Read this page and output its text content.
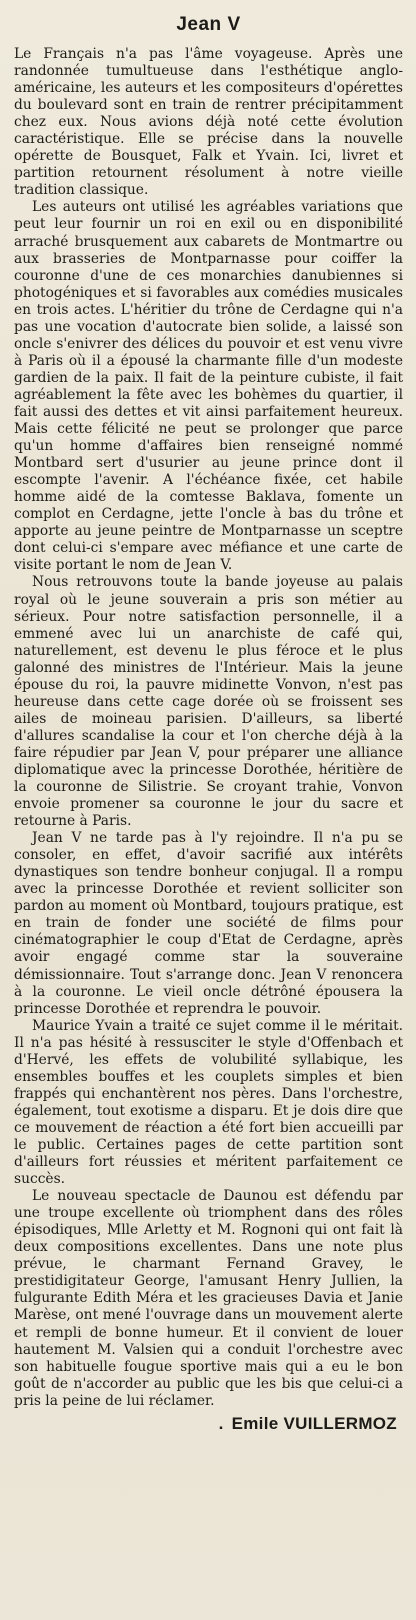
Jean V

Le Français n'a pas l'âme voyageuse. Après une randonnée tumultueuse dans l'esthétique anglo-américaine, les auteurs et les compositeurs d'opérettes du boulevard sont en train de rentrer précipitamment chez eux. Nous avions déjà noté cette évolution caractéristique. Elle se précise dans la nouvelle opérette de Bousquet, Falk et Yvain. Ici, livret et partition retournent résolument à notre vieille tradition classique.

Les auteurs ont utilisé les agréables variations que peut leur fournir un roi en exil ou en disponibilité arraché brusquement aux cabarets de Montmartre ou aux brasseries de Montparnasse pour coiffer la couronne d'une de ces monarchies danubiennes si photogéniques et si favorables aux comédies musicales en trois actes. L'héritier du trône de Cerdagne qui n'a pas une vocation d'autocrate bien solide, a laissé son oncle s'enivrer des délices du pouvoir et est venu vivre à Paris où il a épousé la charmante fille d'un modeste gardien de la paix. Il fait de la peinture cubiste, il fait agréablement la fête avec les bohèmes du quartier, il fait aussi des dettes et vit ainsi parfaitement heureux. Mais cette félicité ne peut se prolonger que parce qu'un homme d'affaires bien renseigné nommé Montbard sert d'usurier au jeune prince dont il escompte l'avenir. A l'échéance fixée, cet habile homme aidé de la comtesse Baklava, fomente un complot en Cerdagne, jette l'oncle à bas du trône et apporte au jeune peintre de Montparnasse un sceptre dont celui-ci s'empare avec méfiance et une carte de visite portant le nom de Jean V.

Nous retrouvons toute la bande joyeuse au palais royal où le jeune souverain a pris son métier au sérieux. Pour notre satisfaction personnelle, il a emmené avec lui un anarchiste de café qui, naturellement, est devenu le plus féroce et le plus galonné des ministres de l'Intérieur. Mais la jeune épouse du roi, la pauvre midinette Vonvon, n'est pas heureuse dans cette cage dorée où se froissent ses ailes de moineau parisien. D'ailleurs, sa liberté d'allures scandalise la cour et l'on cherche déjà à la faire répudier par Jean V, pour préparer une alliance diplomatique avec la princesse Dorothée, héritière de la couronne de Silistrie. Se croyant trahie, Vonvon envoie promener sa couronne le jour du sacre et retourne à Paris.

Jean V ne tarde pas à l'y rejoindre. Il n'a pu se consoler, en effet, d'avoir sacrifié aux intérêts dynastiques son tendre bonheur conjugal. Il a rompu avec la princesse Dorothée et revient solliciter son pardon au moment où Montbard, toujours pratique, est en train de fonder une société de films pour cinématographier le coup d'Etat de Cerdagne, après avoir engagé comme star la souveraine démissionnaire. Tout s'arrange donc. Jean V renoncera à la couronne. Le vieil oncle détrôné épousera la princesse Dorothée et reprendra le pouvoir.

Maurice Yvain a traité ce sujet comme il le méritait. Il n'a pas hésité à ressusciter le style d'Offenbach et d'Hervé, les effets de volubilité syllabique, les ensembles bouffes et les couplets simples et bien frappés qui enchantèrent nos pères. Dans l'orchestre, également, tout exotisme a disparu. Et je dois dire que ce mouvement de réaction a été fort bien accueilli par le public. Certaines pages de cette partition sont d'ailleurs fort réussies et méritent parfaitement ce succès.

Le nouveau spectacle de Daunou est défendu par une troupe excellente où triomphent dans des rôles épisodiques, Mlle Arletty et M. Rognoni qui ont fait là deux compositions excellentes. Dans une note plus prévue, le charmant Fernand Gravey, le prestidigitateur George, l'amusant Henry Jullien, la fulgurante Edith Méra et les gracieuses Davia et Janie Marèse, ont mené l'ouvrage dans un mouvement alerte et rempli de bonne humeur. Et il convient de louer hautement M. Valsien qui a conduit l'orchestre avec son habituelle fougue sportive mais qui a eu le bon goût de n'accorder au public que les bis que celui-ci a pris la peine de lui réclamer.

. Emile VUILLERMOZ
